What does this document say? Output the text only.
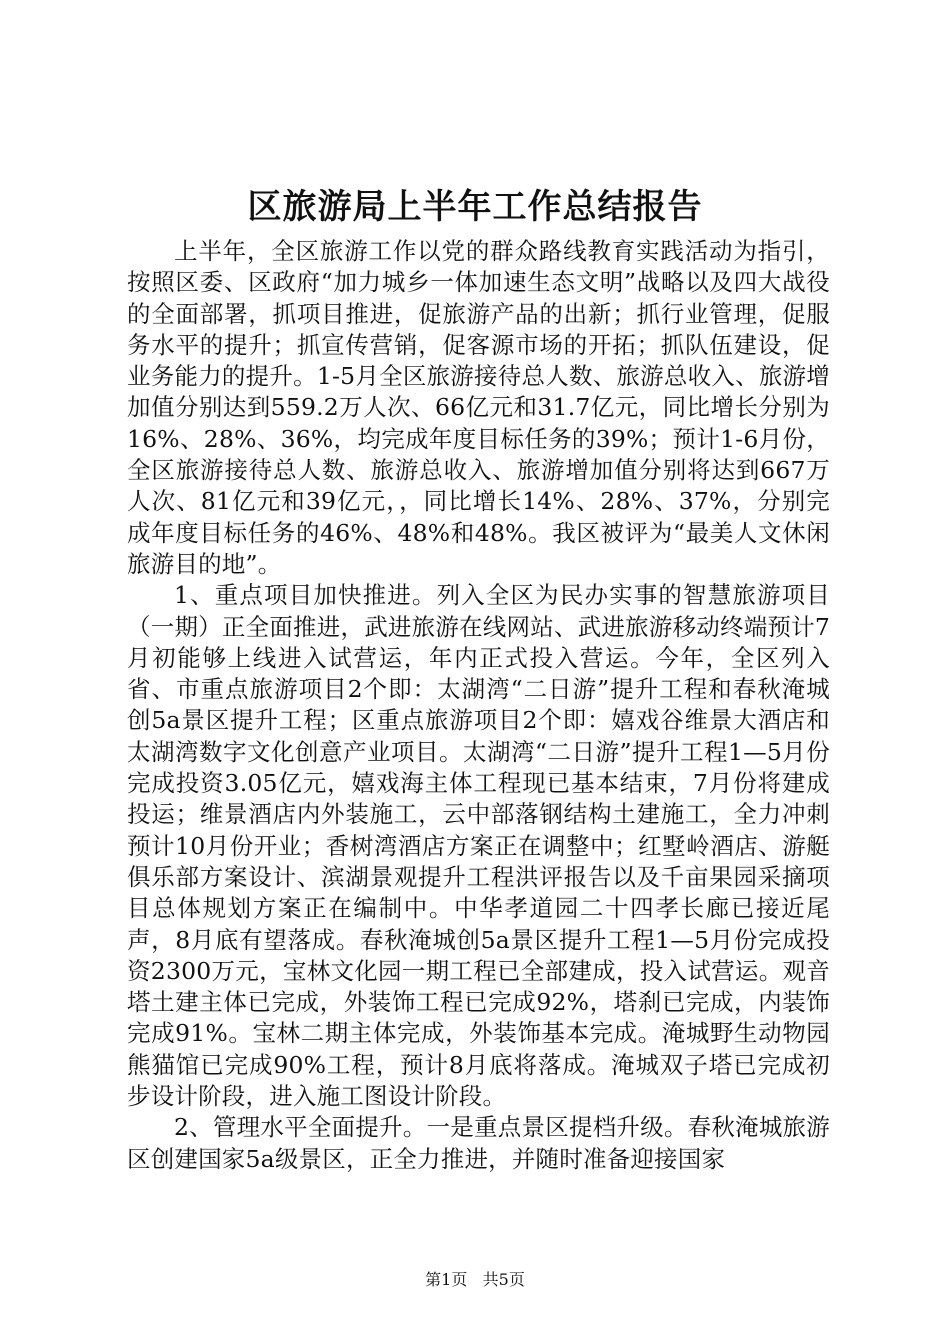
区旅游局上半年工作总结报告

上半年，全区旅游工作以党的群众路线教育实践活动为指引，按照区委、区政府“加力城乡一体加速生态文明”战略以及四大战役的全面部署，抓项目推进，促旅游产品的出新；抓行业管理，促服务水平的提升；抓宣传营销，促客源市场的开拓；抓队伍建设，促业务能力的提升。1-5月全区旅游接待总人数、旅游总收入、旅游增加值分别达到559.2万人次、66亿元和31.7亿元，同比增长分别为16%、28%、36%，均完成年度目标任务的39%；预计1-6月份，全区旅游接待总人数、旅游总收入、旅游增加值分别将达到667万人次、81亿元和39亿元，，同比增长14%、28%、37%，分别完成年度目标任务的46%、48%和48%。我区被评为“最美人文休闲旅游目的地”。

1、重点项目加快推进。列入全区为民办实事的智慧旅游项目（一期）正全面推进，武进旅游在线网站、武进旅游移动终端预计7月初能够上线进入试营运，年内正式投入营运。今年，全区列入省、市重点旅游项目2个即：太湖湾“二日游”提升工程和春秋淹城创5a景区提升工程；区重点旅游项目2个即：嬉戏谷维景大酒店和太湖湾数字文化创意产业项目。太湖湾“二日游”提升工程1—5月份完成投资3.05亿元，嬉戏海主体工程现已基本结束，7月份将建成投运；维景酒店内外装施工，云中部落钢结构土建施工，全力冲刺预计10月份开业；香树湾酒店方案正在调整中；红墅岭酒店、游艇俱乐部方案设计、滨湖景观提升工程洪评报告以及千亩果园采摘项目总体规划方案正在编制中。中华孝道园二十四孝长廊已接近尾声，8月底有望落成。春秋淹城创5a景区提升工程1—5月份完成投资2300万元，宝林文化园一期工程已全部建成，投入试营运。观音塔土建主体已完成，外装饰工程已完成92%，塔刹已完成，内装饰完成91%。宝林二期主体完成，外装饰基本完成。淹城野生动物园熊猫馆已完成90%工程，预计8月底将落成。淹城双子塔已完成初步设计阶段，进入施工图设计阶段。

2、管理水平全面提升。一是重点景区提档升级。春秋淹城旅游区创建国家5a级景区，正全力推进，并随时准备迎接国家

第1页 共5页
